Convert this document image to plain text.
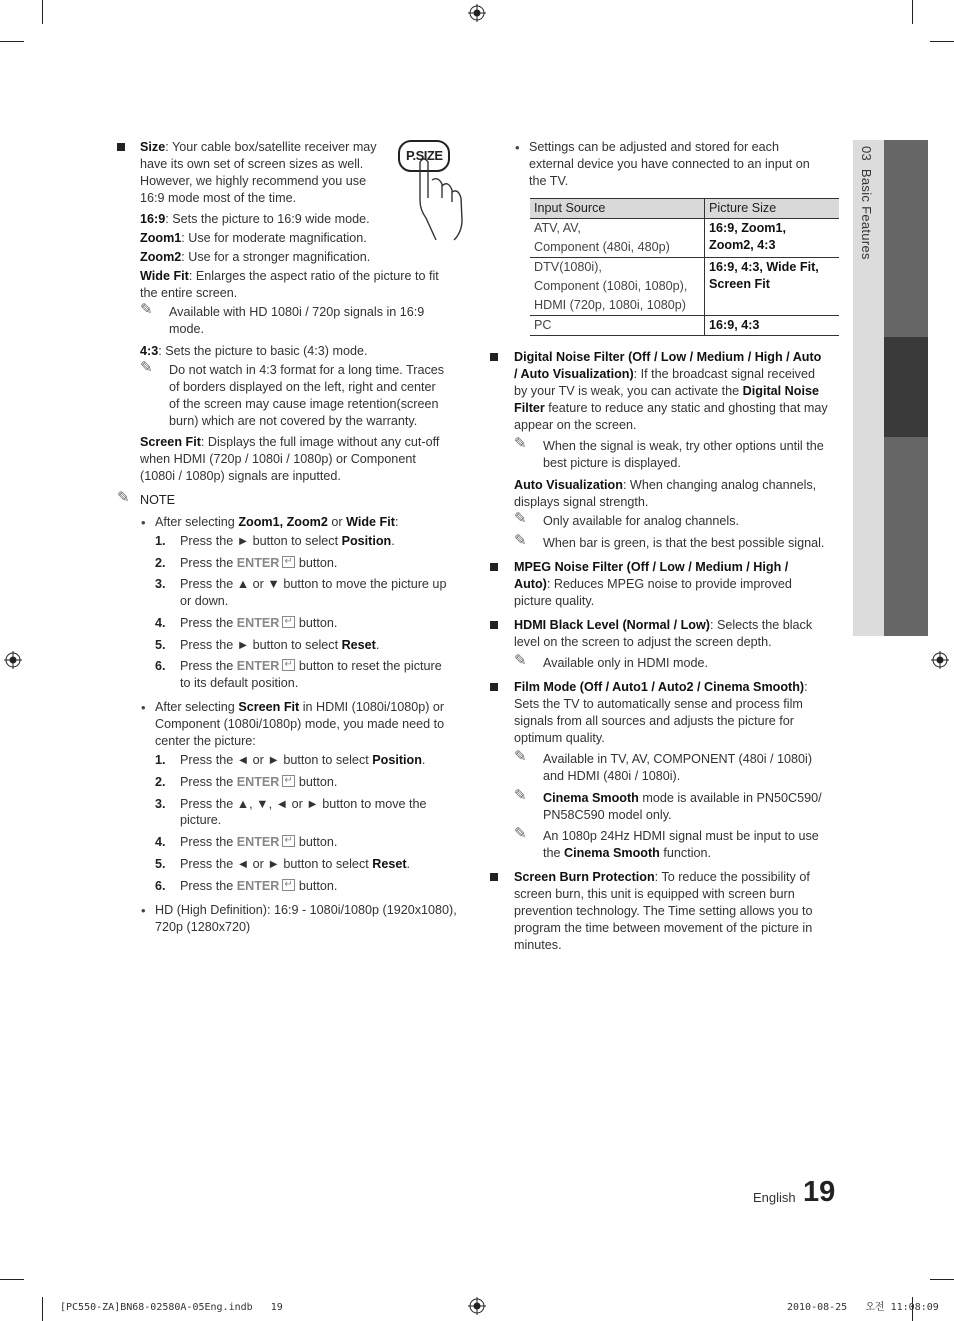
03  Basic Features
P.SIZE

Size: Your cable box/satellite receiver may
have its own set of screen sizes as well.
However, we highly recommend you use
16:9 mode most of the time.

16:9: Sets the picture to 16:9 wide mode.

Zoom1: Use for moderate magnification.

Zoom2: Use for a stronger magnification.

Wide Fit: Enlarges the aspect ratio of the picture to fit
the entire screen.

✎ Available with HD 1080i / 720p signals in 16:9
mode.

4:3: Sets the picture to basic (4:3) mode.

✎ Do not watch in 4:3 format for a long time. Traces
of borders displayed on the left, right and center
of the screen may cause image retention(screen
burn) which are not covered by the warranty.

Screen Fit: Displays the full image without any cut-off
when HDMI (720p / 1080i / 1080p) or Component
(1080i / 1080p) signals are inputted.

✎ NOTE

• After selecting Zoom1, Zoom2 or Wide Fit:

1. Press the ► button to select Position.
2. Press the ENTER ↵ button.
3. Press the ▲ or ▼ button to move the picture up
4. Press the ENTER ↵ button.
5. Press the ► button to select Reset.
6. Press the ENTER ↵ button to reset the picture

or down.

to its default position.

• After selecting Screen Fit in HDMI (1080i/1080p) or
Component (1080i/1080p) mode, you made need to
center the picture:

1. Press the ◄ or ► button to select Position.
2. Press the ENTER ↵ button.
3. Press the ▲, ▼, ◄ or ► button to move the
4. Press the ENTER ↵ button.
5. Press the ◄ or ► button to select Reset.
6. Press the ENTER ↵ button.

picture.

• HD (High Definition): 16:9 - 1080i/1080p (1920x1080),
720p (1280x720)

• Settings can be adjusted and stored for each
external device you have connected to an input on
the TV.

Input Source	Picture Size
ATV, AV,
Component (480i, 480p)	16:9, Zoom1,
Zoom2, 4:3
DTV(1080i),
Component (1080i, 1080p),
HDMI (720p, 1080i, 1080p)	16:9, 4:3, Wide Fit,
Screen Fit
PC	16:9, 4:3

Digital Noise Filter (Off / Low / Medium / High / Auto
/ Auto Visualization): If the broadcast signal received
by your TV is weak, you can activate the Digital Noise
Filter feature to reduce any static and ghosting that may
appear on the screen.

✎ When the signal is weak, try other options until the
best picture is displayed.

Auto Visualization: When changing analog channels,
displays signal strength.

✎ Only available for analog channels.

✎ When bar is green, is that the best possible signal.

MPEG Noise Filter (Off / Low / Medium / High /
Auto): Reduces MPEG noise to provide improved
picture quality.

HDMI Black Level (Normal / Low): Selects the black
level on the screen to adjust the screen depth.

✎ Available only in HDMI mode.

Film Mode (Off / Auto1 / Auto2 / Cinema Smooth):
Sets the TV to automatically sense and process film
signals from all sources and adjusts the picture for
optimum quality.

✎ Available in TV, AV, COMPONENT (480i / 1080i)
and HDMI (480i / 1080i).

✎ Cinema Smooth mode is available in PN50C590/
PN58C590 model only.

✎ An 1080p 24Hz HDMI signal must be input to use
the Cinema Smooth function.

Screen Burn Protection: To reduce the possibility of
screen burn, this unit is equipped with screen burn
prevention technology. The Time setting allows you to
program the time between movement of the picture in
minutes.

English 19
[PC550-ZA]BN68-02580A-05Eng.indb   19	2010-08-25   오전 11:08:09
